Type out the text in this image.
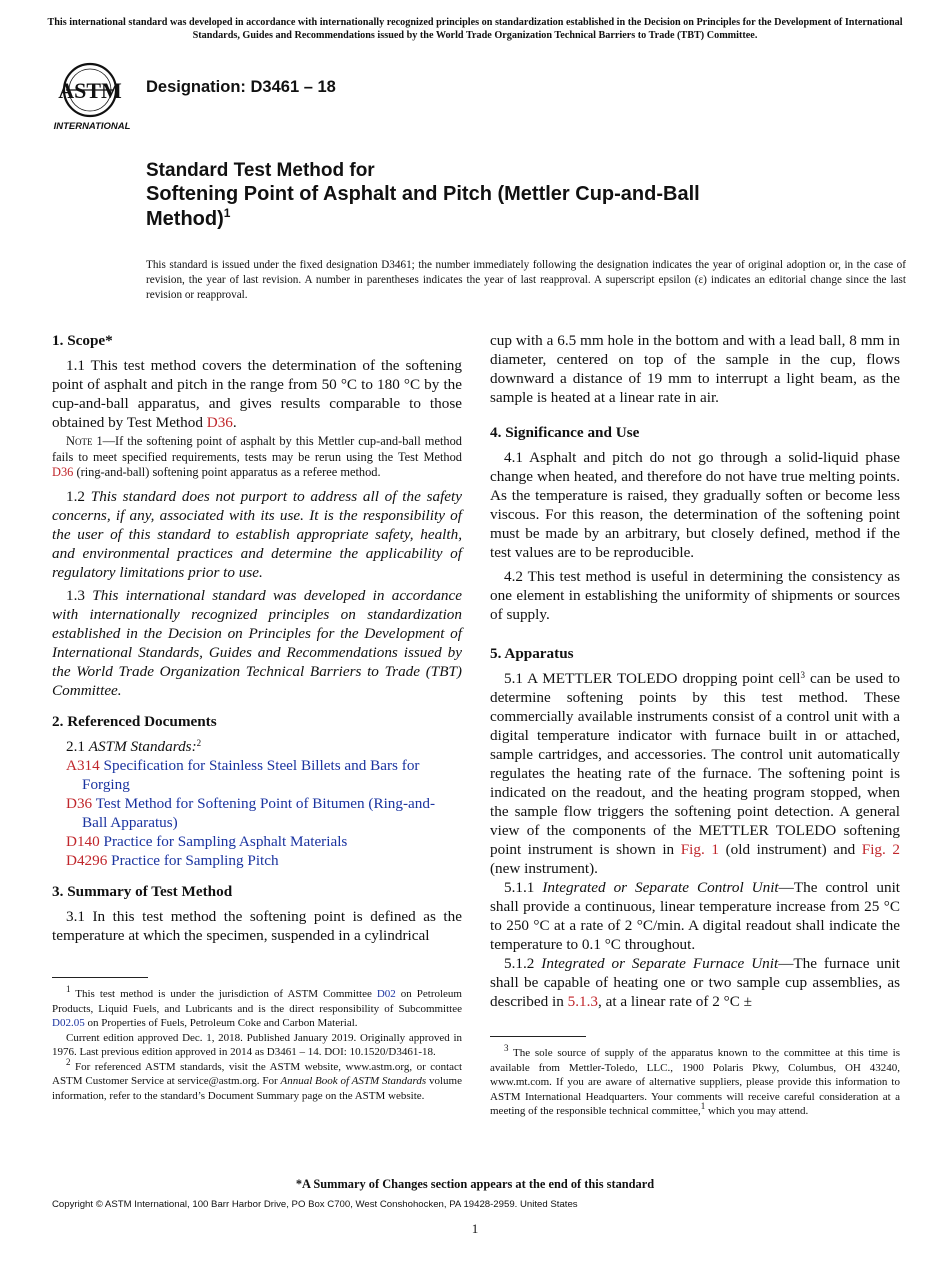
This international standard was developed in accordance with internationally recognized principles on standardization established in the Decision on Principles for the Development of International Standards, Guides and Recommendations issued by the World Trade Organization Technical Barriers to Trade (TBT) Committee.
ASTM
INTERNATIONAL
Designation: D3461 – 18
Standard Test Method for
Softening Point of Asphalt and Pitch (Mettler Cup-and-Ball
Method)$^1$
This standard is issued under the fixed designation D3461; the number immediately following the designation indicates the year of original adoption or, in the case of revision, the year of last revision. A number in parentheses indicates the year of last reapproval. A superscript epsilon (ε) indicates an editorial change since the last revision or reapproval.
1. Scope*

1.1 This test method covers the determination of the softening point of asphalt and pitch in the range from 50 °C to 180 °C by the cup-and-ball apparatus, and gives results comparable to those obtained by Test Method D36.

Note 1—If the softening point of asphalt by this Mettler cup-and-ball method fails to meet specified requirements, tests may be rerun using the Test Method D36 (ring-and-ball) softening point apparatus as a referee method.

1.2 This standard does not purport to address all of the safety concerns, if any, associated with its use. It is the responsibility of the user of this standard to establish appropriate safety, health, and environmental practices and determine the applicability of regulatory limitations prior to use.

1.3 This international standard was developed in accordance with internationally recognized principles on standardization established in the Decision on Principles for the Development of International Standards, Guides and Recommendations issued by the World Trade Organization Technical Barriers to Trade (TBT) Committee.

2. Referenced Documents

2.1 ASTM Standards:$^2$

A314 Specification for Stainless Steel Billets and Bars for
Forging
D36 Test Method for Softening Point of Bitumen (Ring-and-
Ball Apparatus)
D140 Practice for Sampling Asphalt Materials
D4296 Practice for Sampling Pitch
3. Summary of Test Method

3.1 In this test method the softening point is defined as the temperature at which the specimen, suspended in a cylindrical

$^1$ This test method is under the jurisdiction of ASTM Committee D02 on Petroleum Products, Liquid Fuels, and Lubricants and is the direct responsibility of Subcommittee D02.05 on Properties of Fuels, Petroleum Coke and Carbon Material.

Current edition approved Dec. 1, 2018. Published January 2019. Originally approved in 1976. Last previous edition approved in 2014 as D3461 – 14. DOI: 10.1520/D3461-18.

$^2$ For referenced ASTM standards, visit the ASTM website, www.astm.org, or contact ASTM Customer Service at service@astm.org. For Annual Book of ASTM Standards volume information, refer to the standard’s Document Summary page on the ASTM website.

cup with a 6.5 mm hole in the bottom and with a lead ball, 8 mm in diameter, centered on top of the sample in the cup, flows downward a distance of 19 mm to interrupt a light beam, as the sample is heated at a linear rate in air.

4. Significance and Use

4.1 Asphalt and pitch do not go through a solid-liquid phase change when heated, and therefore do not have true melting points. As the temperature is raised, they gradually soften or become less viscous. For this reason, the determination of the softening point must be made by an arbitrary, but closely defined, method if the test values are to be reproducible.

4.2 This test method is useful in determining the consistency as one element in establishing the uniformity of shipments or sources of supply.

5. Apparatus

5.1 A METTLER TOLEDO dropping point cell$^3$ can be used to determine softening points by this test method. These commercially available instruments consist of a control unit with a digital temperature indicator with furnace built in or attached, sample cartridges, and accessories. The control unit automatically regulates the heating rate of the furnace. The softening point is indicated on the readout, and the heating program stopped, when the sample flow triggers the softening point detection. A general view of the components of the METTLER TOLEDO softening point instrument is shown in Fig. 1 (old instrument) and Fig. 2 (new instrument).

5.1.1 Integrated or Separate Control Unit—The control unit shall provide a continuous, linear temperature increase from 25 °C to 250 °C at a rate of 2 °C/min. A digital readout shall indicate the temperature to 0.1 °C throughout.

5.1.2 Integrated or Separate Furnace Unit—The furnace unit shall be capable of heating one or two sample cup assemblies, as described in 5.1.3, at a linear rate of 2 °C ±

$^3$ The sole source of supply of the apparatus known to the committee at this time is available from Mettler-Toledo, LLC., 1900 Polaris Pkwy, Columbus, OH 43240, www.mt.com. If you are aware of alternative suppliers, please provide this information to ASTM International Headquarters. Your comments will receive careful consideration at a meeting of the responsible technical committee,$^1$ which you may attend.

*A Summary of Changes section appears at the end of this standard
Copyright © ASTM International, 100 Barr Harbor Drive, PO Box C700, West Conshohocken, PA 19428-2959. United States
1
